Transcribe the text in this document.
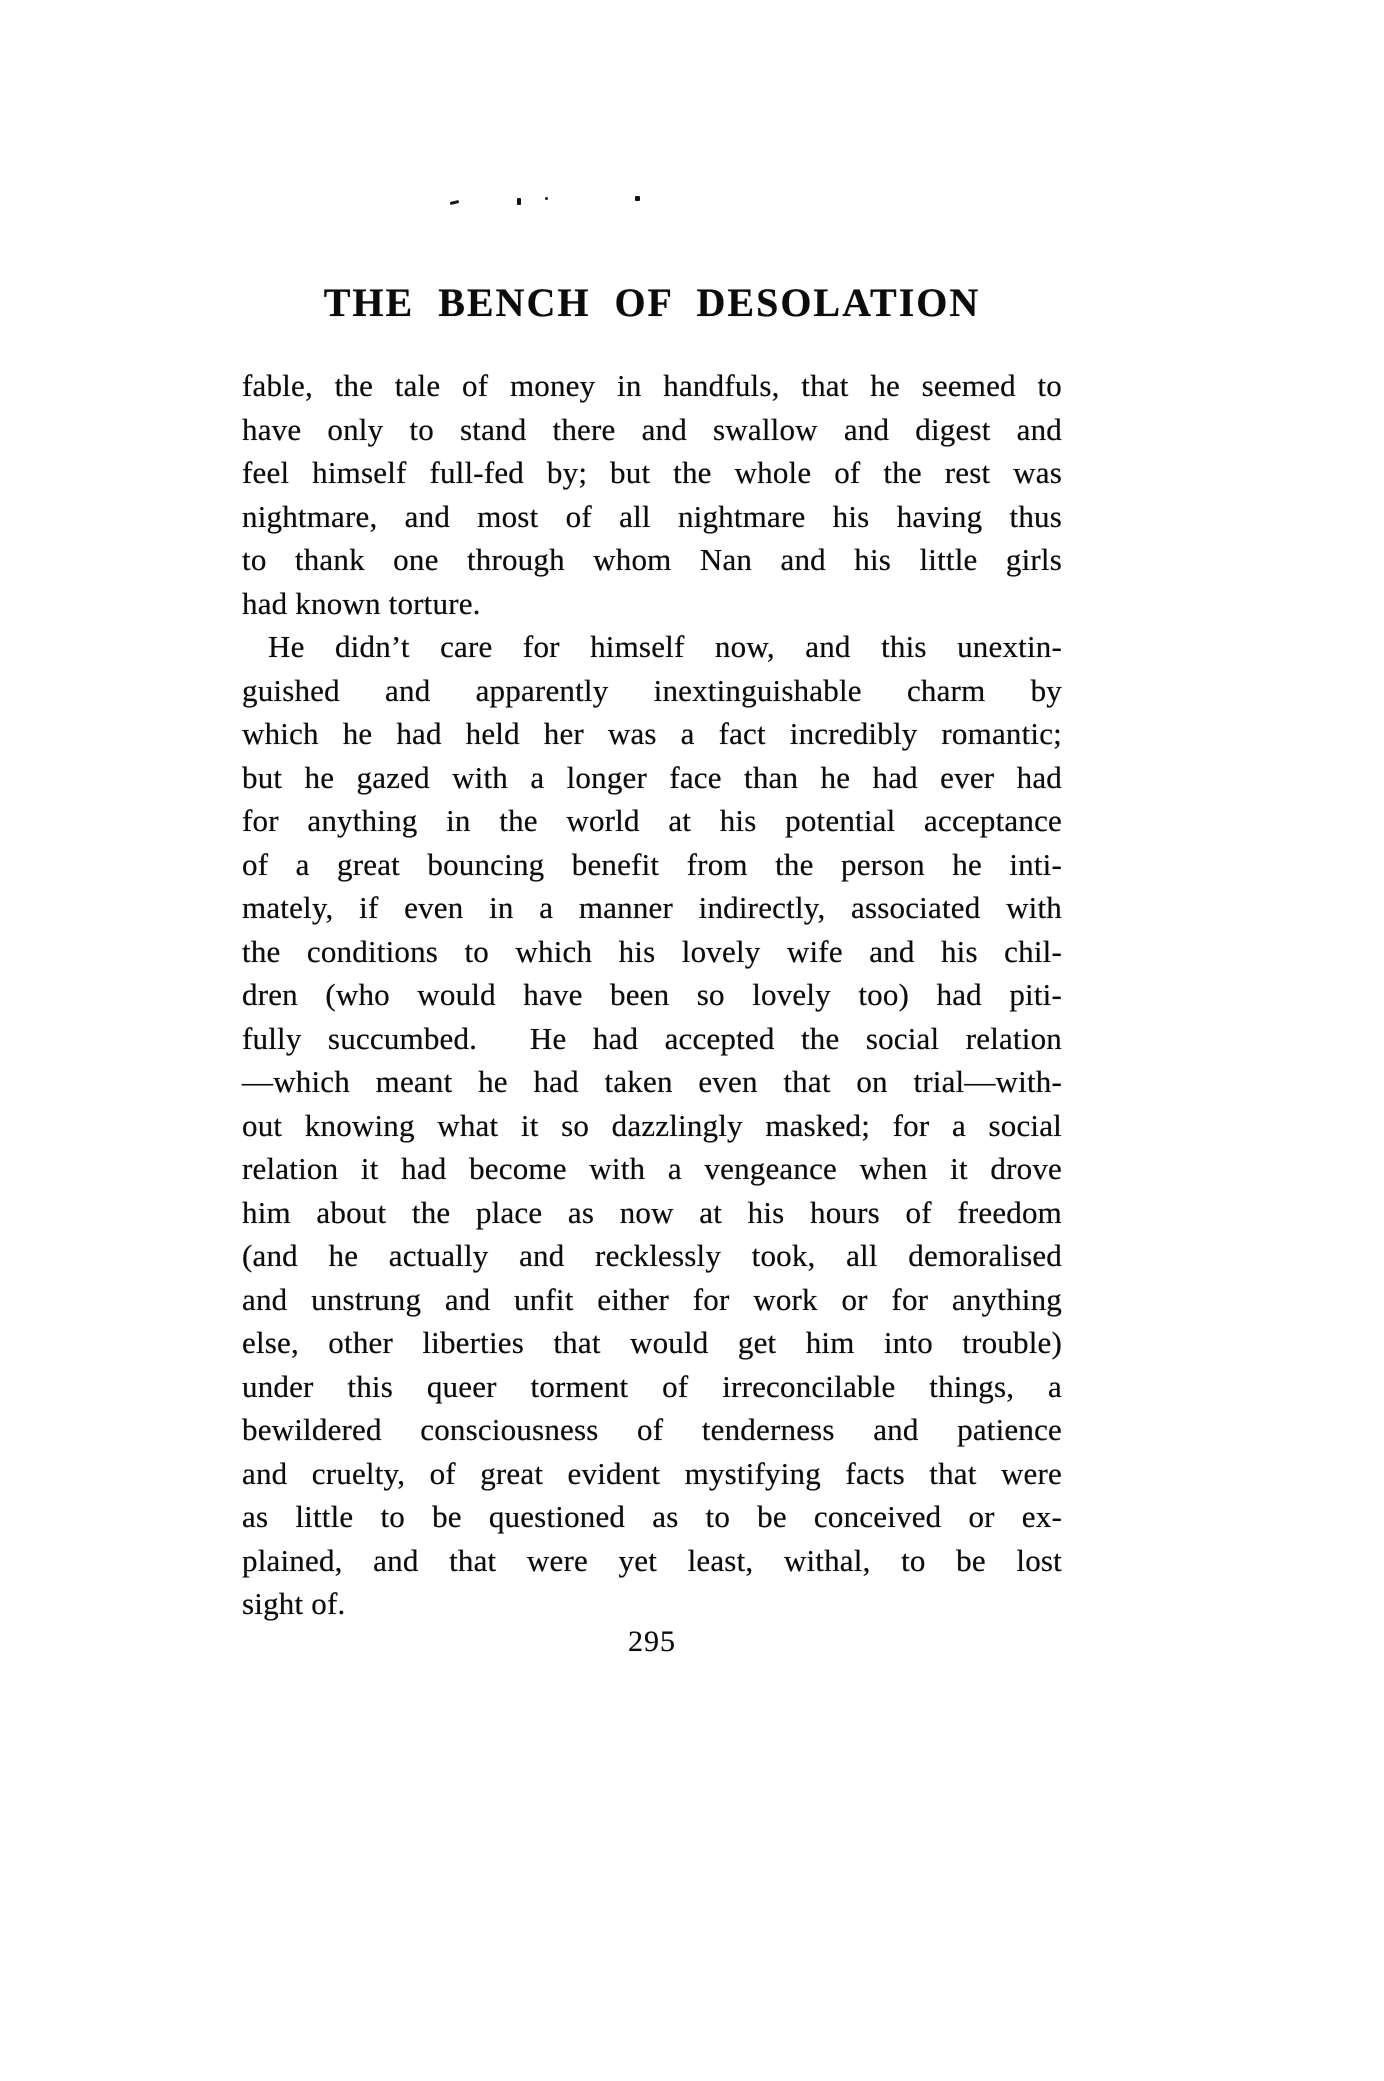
THE BENCH OF DESOLATION
fable, the tale of money in handfuls, that he seemed to
have only to stand there and swallow and digest and
feel himself full-fed by; but the whole of the rest was
nightmare, and most of all nightmare his having thus
to thank one through whom Nan and his little girls
had known torture.
He didn’t care for himself now, and this unextin-
guished and apparently inextinguishable charm by
which he had held her was a fact incredibly romantic;
but he gazed with a longer face than he had ever had
for anything in the world at his potential acceptance
of a great bouncing benefit from the person he inti-
mately, if even in a manner indirectly, associated with
the conditions to which his lovely wife and his chil-
dren (who would have been so lovely too) had piti-
fully succumbed.  He had accepted the social relation
—which meant he had taken even that on trial—with-
out knowing what it so dazzlingly masked; for a social
relation it had become with a vengeance when it drove
him about the place as now at his hours of freedom
(and he actually and recklessly took, all demoralised
and unstrung and unfit either for work or for anything
else, other liberties that would get him into trouble)
under this queer torment of irreconcilable things, a
bewildered consciousness of tenderness and patience
and cruelty, of great evident mystifying facts that were
as little to be questioned as to be conceived or ex-
plained, and that were yet least, withal, to be lost
sight of.
295
